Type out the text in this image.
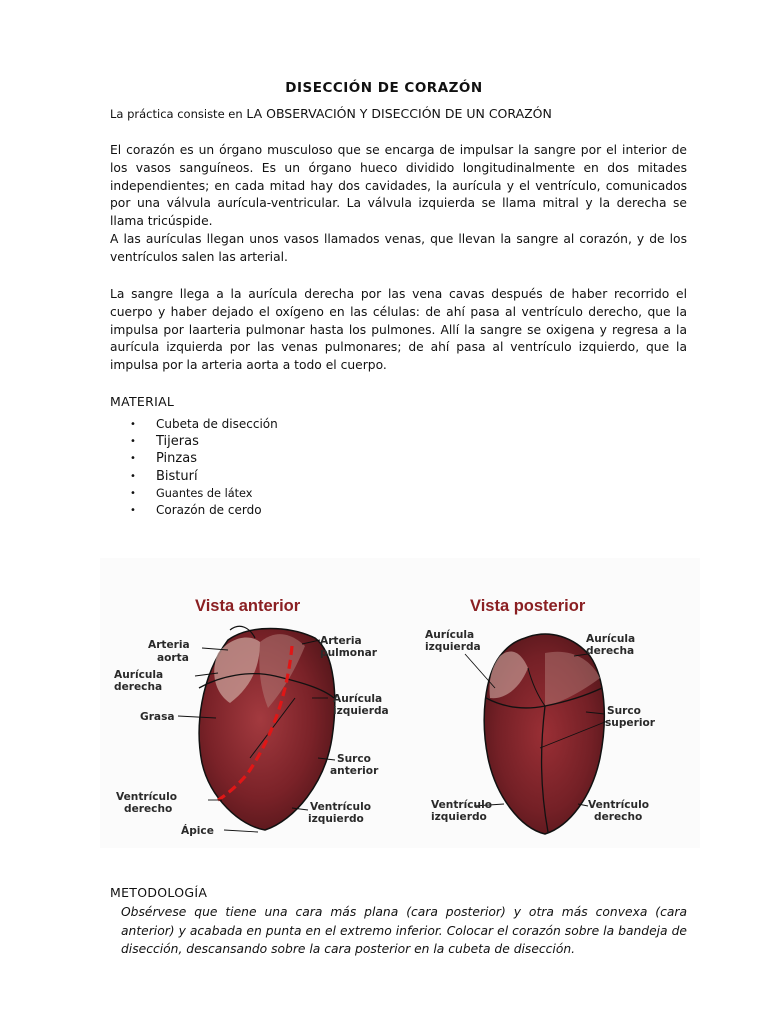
DISECCIÓN DE CORAZÓN
La práctica consiste en LA OBSERVACIÓN Y DISECCIÓN DE UN CORAZÓN
El corazón es un órgano musculoso que se encarga de impulsar la sangre por el interior de los vasos sanguíneos. Es un órgano hueco dividido longitudinalmente en dos mitades independientes; en cada mitad hay dos cavidades, la aurícula y el ventrículo, comunicados por una válvula aurícula-ventricular. La válvula izquierda se llama mitral y la derecha se llama tricúspide.
A las aurículas llegan unos vasos llamados venas, que llevan la sangre al corazón, y de los ventrículos salen las arterial.

La sangre llega a la aurícula derecha por las vena cavas después de haber recorrido el cuerpo y haber dejado el oxígeno en las células: de ahí pasa al ventrículo derecho, que la impulsa por laarteria pulmonar hasta los pulmones. Allí la sangre se oxigena y regresa a la aurícula izquierda por las venas pulmonares; de ahí pasa al ventrículo izquierdo, que la impulsa por la arteria aorta a todo el cuerpo.

MATERIAL
• Cubeta de disección
• Tijeras
• Pinzas
• Bisturí
• Guantes de látex
• Corazón de cerdo
Vista anterior	Vista posterior
Arteria
aorta
Aurícula
derecha
Grasa
Ventrículo
derecho
Ápice
Arteria
pulmonar
Aurícula
izquierda
Surco
anterior
Ventrículo
izquierdo
Aurícula
izquierda
Aurícula
derecha
Surco
superior
Ventrículo
izquierdo
Ventrículo
derecho
METODOLOGÍA

Obsérvese que tiene una cara más plana (cara posterior) y otra más convexa (cara anterior) y acabada en punta en el extremo inferior. Colocar el corazón sobre la bandeja de disección, descansando sobre la cara posterior en la cubeta de disección.
